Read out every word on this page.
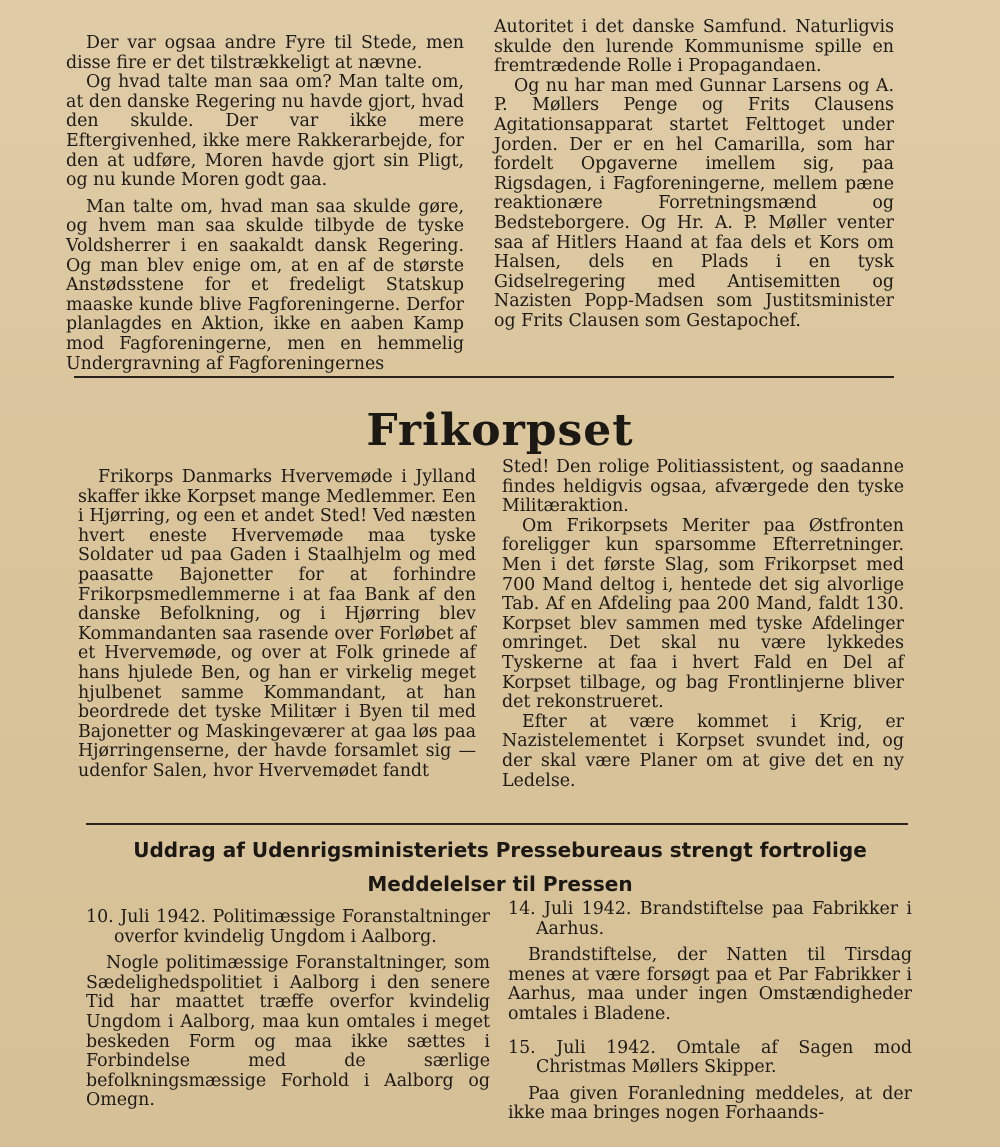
Der var ogsaa andre Fyre til Stede, men disse fire er det tilstrækkeligt at nævne.

Og hvad talte man saa om? Man talte om, at den danske Regering nu havde gjort, hvad den skulde. Der var ikke mere Eftergivenhed, ikke mere Rakkerarbejde, for den at udføre, Moren havde gjort sin Pligt, og nu kunde Moren godt gaa.

Man talte om, hvad man saa skulde gøre, og hvem man saa skulde tilbyde de tyske Voldsherrer i en saakaldt dansk Regering. Og man blev enige om, at en af de største Anstødsstene for et fredeligt Statskup maaske kunde blive Fagforeningerne. Derfor planlagdes en Aktion, ikke en aaben Kamp mod Fagforeningerne, men en hemmelig Undergravning af Fagforeningernes

Autoritet i det danske Samfund. Naturligvis skulde den lurende Kommunisme spille en fremtrædende Rolle i Propagandaen.

Og nu har man med Gunnar Larsens og A. P. Møllers Penge og Frits Clausens Agitationsapparat startet Felttoget under Jorden. Der er en hel Camarilla, som har fordelt Opgaverne imellem sig, paa Rigsdagen, i Fagforeningerne, mellem pæne reaktionære Forretningsmænd og Bedsteborgere. Og Hr. A. P. Møller venter saa af Hitlers Haand at faa dels et Kors om Halsen, dels en Plads i en tysk Gidselregering med Antisemitten og Nazisten Popp-Madsen som Justitsminister og Frits Clausen som Gestapochef.

Frikorpset

Frikorps Danmarks Hvervemøde i Jylland skaffer ikke Korpset mange Medlemmer. Een i Hjørring, og een et andet Sted! Ved næsten hvert eneste Hvervemøde maa tyske Soldater ud paa Gaden i Staalhjelm og med paasatte Bajonetter for at forhindre Frikorpsmedlemmerne i at faa Bank af den danske Befolkning, og i Hjørring blev Kommandanten saa rasende over Forløbet af et Hvervemøde, og over at Folk grinede af hans hjulede Ben, og han er virkelig meget hjulbenet samme Kommandant, at han beordrede det tyske Militær i Byen til med Bajonetter og Maskingeværer at gaa løs paa Hjørringenserne, der havde forsamlet sig — udenfor Salen, hvor Hvervemødet fandt

Sted! Den rolige Politiassistent, og saadanne findes heldigvis ogsaa, afværgede den tyske Militæraktion.

Om Frikorpsets Meriter paa Østfronten foreligger kun sparsomme Efterretninger. Men i det første Slag, som Frikorpset med 700 Mand deltog i, hentede det sig alvorlige Tab. Af en Afdeling paa 200 Mand, faldt 130. Korpset blev sammen med tyske Afdelinger omringet. Det skal nu være lykkedes Tyskerne at faa i hvert Fald en Del af Korpset tilbage, og bag Frontlinjerne bliver det rekonstrueret.

Efter at være kommet i Krig, er Nazistelementet i Korpset svundet ind, og der skal være Planer om at give det en ny Ledelse.

Uddrag af Udenrigsministeriets Pressebureaus strengt fortrolige
Meddelelser til Pressen

10. Juli 1942. Politimæssige Foranstaltninger overfor kvindelig Ungdom i Aalborg.

Nogle politimæssige Foranstaltninger, som Sædelighedspolitiet i Aalborg i den senere Tid har maattet træffe overfor kvindelig Ungdom i Aalborg, maa kun omtales i meget beskeden Form og maa ikke sættes i Forbindelse med de særlige befolkningsmæssige Forhold i Aalborg og Omegn.

14. Juli 1942. Brandstiftelse paa Fabrikker i Aarhus.

Brandstiftelse, der Natten til Tirsdag menes at være forsøgt paa et Par Fabrikker i Aarhus, maa under ingen Omstændigheder omtales i Bladene.

15. Juli 1942. Omtale af Sagen mod Christmas Møllers Skipper.

Paa given Foranledning meddeles, at der ikke maa bringes nogen Forhaands-
